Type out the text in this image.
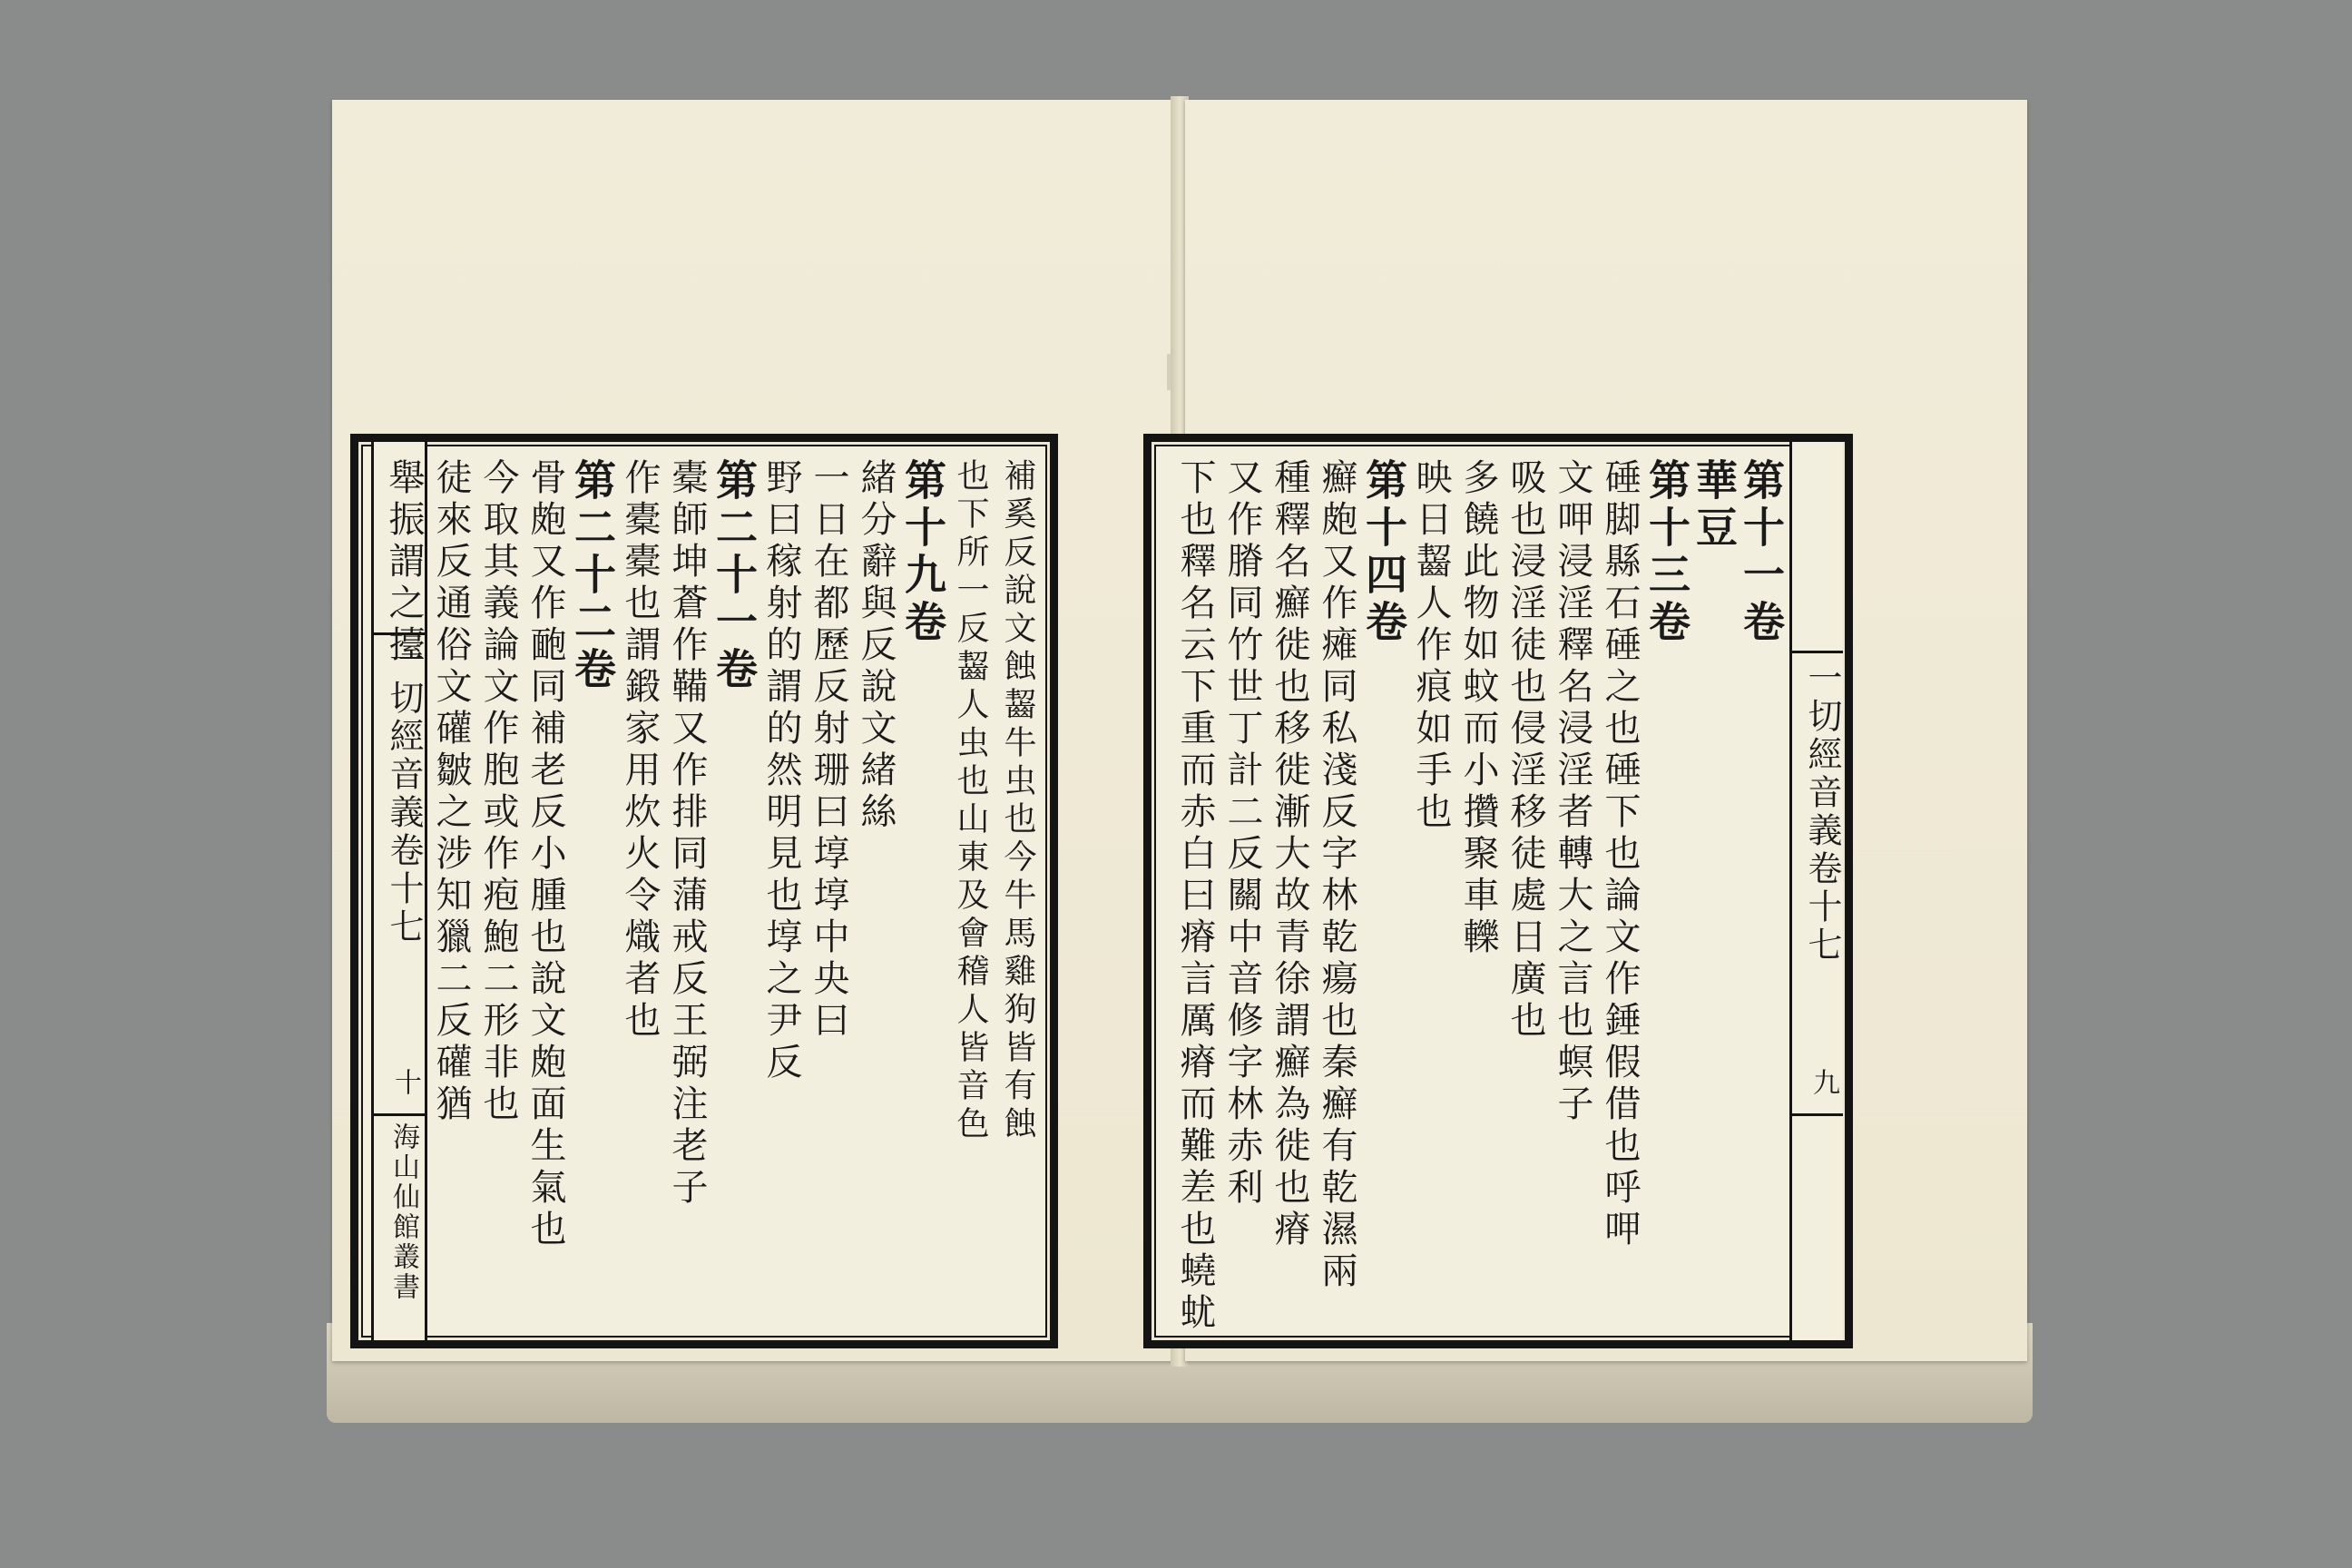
一切經音義卷十七
十
海山仙館叢書
補奚反說文蝕齧牛虫也今牛馬雞狗皆有蝕
也下所一反齧人虫也山東及會稽人皆音色
第十九卷
緒分辭與反說文緒絲
一日在都歷反射珊曰埻埻中央曰
野曰稼射的謂的然明見也埻之尹反
第二十一卷
橐師坤蒼作鞴又作排同蒲戒反王弼注老子
作橐橐也謂鍛家用炊火令熾者也
第二十二卷
骨皰又作靤同補老反小腫也說文皰面生氣也
今取其義論文作胞或作疱鮑二形非也
徒來反通俗文礶皺之涉知獵二反礶猶
舉振謂之擡
一切經音義卷十七
九
第十一卷
華豆
第十三卷
硾脚縣石硾之也硾下也論文作錘假借也呼呷
文呷浸淫釋名浸淫者轉大之言也螟子
吸也浸淫徒也侵淫移徒處日廣也
多饒此物如蚊而小攢聚車轢
映日齧人作痕如手也
第十四卷
癬皰又作瘫同私淺反字林乾瘍也秦癬有乾濕兩
種釋名癬徙也移徙漸大故青徐謂癬為徙也瘠
又作膌同竹世丁計二反關中音修字林赤利
下也釋名云下重而赤白曰瘠言厲瘠而難差也蟯蚘
